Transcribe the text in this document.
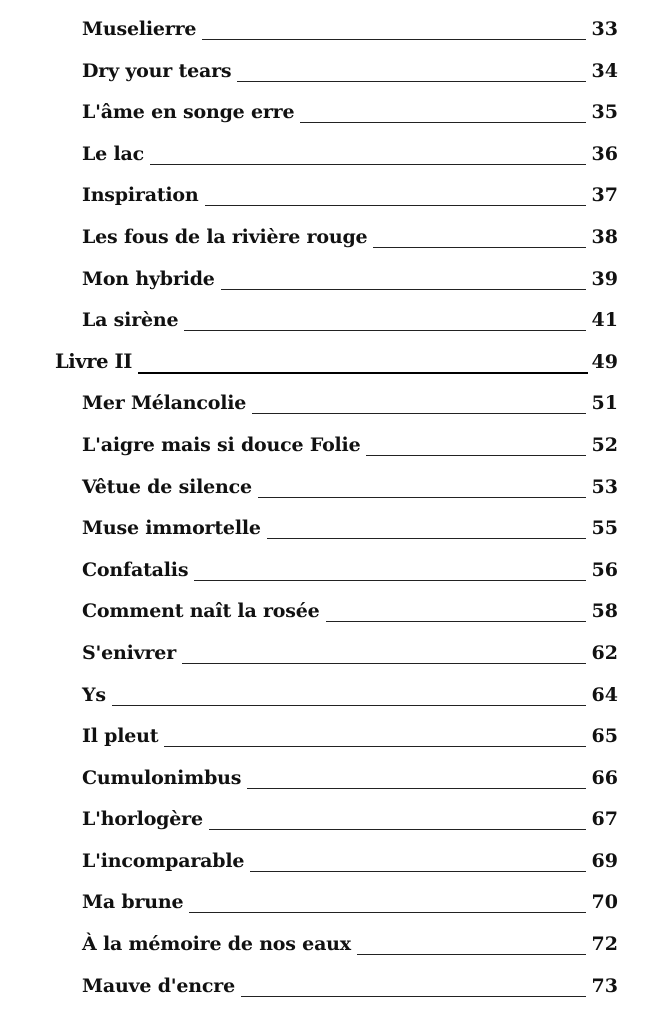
Muselierre	33
Dry your tears	34
L'âme en songe erre	35
Le lac	36
Inspiration	37
Les fous de la rivière rouge	38
Mon hybride	39
La sirène	41
Livre II	49
Mer Mélancolie	51
L'aigre mais si douce Folie	52
Vêtue de silence	53
Muse immortelle	55
Confatalis	56
Comment naît la rosée	58
S'enivrer	62
Ys	64
Il pleut	65
Cumulonimbus	66
L'horlogère	67
L'incomparable	69
Ma brune	70
À la mémoire de nos eaux	72
Mauve d'encre	73
